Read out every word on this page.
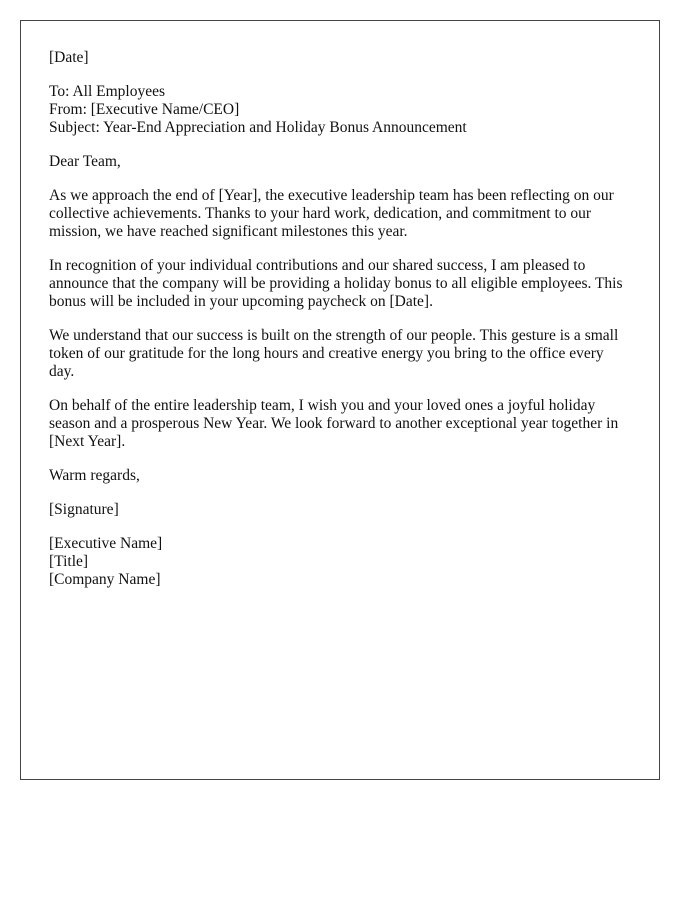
[Date]
To: All Employees
From: [Executive Name/CEO]
Subject: Year-End Appreciation and Holiday Bonus Announcement
Dear Team,

As we approach the end of [Year], the executive leadership team has been reflecting on our collective achievements. Thanks to your hard work, dedication, and commitment to our mission, we have reached significant milestones this year.

In recognition of your individual contributions and our shared success, I am pleased to announce that the company will be providing a holiday bonus to all eligible employees. This bonus will be included in your upcoming paycheck on [Date].

We understand that our success is built on the strength of our people. This gesture is a small token of our gratitude for the long hours and creative energy you bring to the office every day.

On behalf of the entire leadership team, I wish you and your loved ones a joyful holiday season and a prosperous New Year. We look forward to another exceptional year together in [Next Year].

Warm regards,
[Signature]
[Executive Name]
[Title]
[Company Name]
